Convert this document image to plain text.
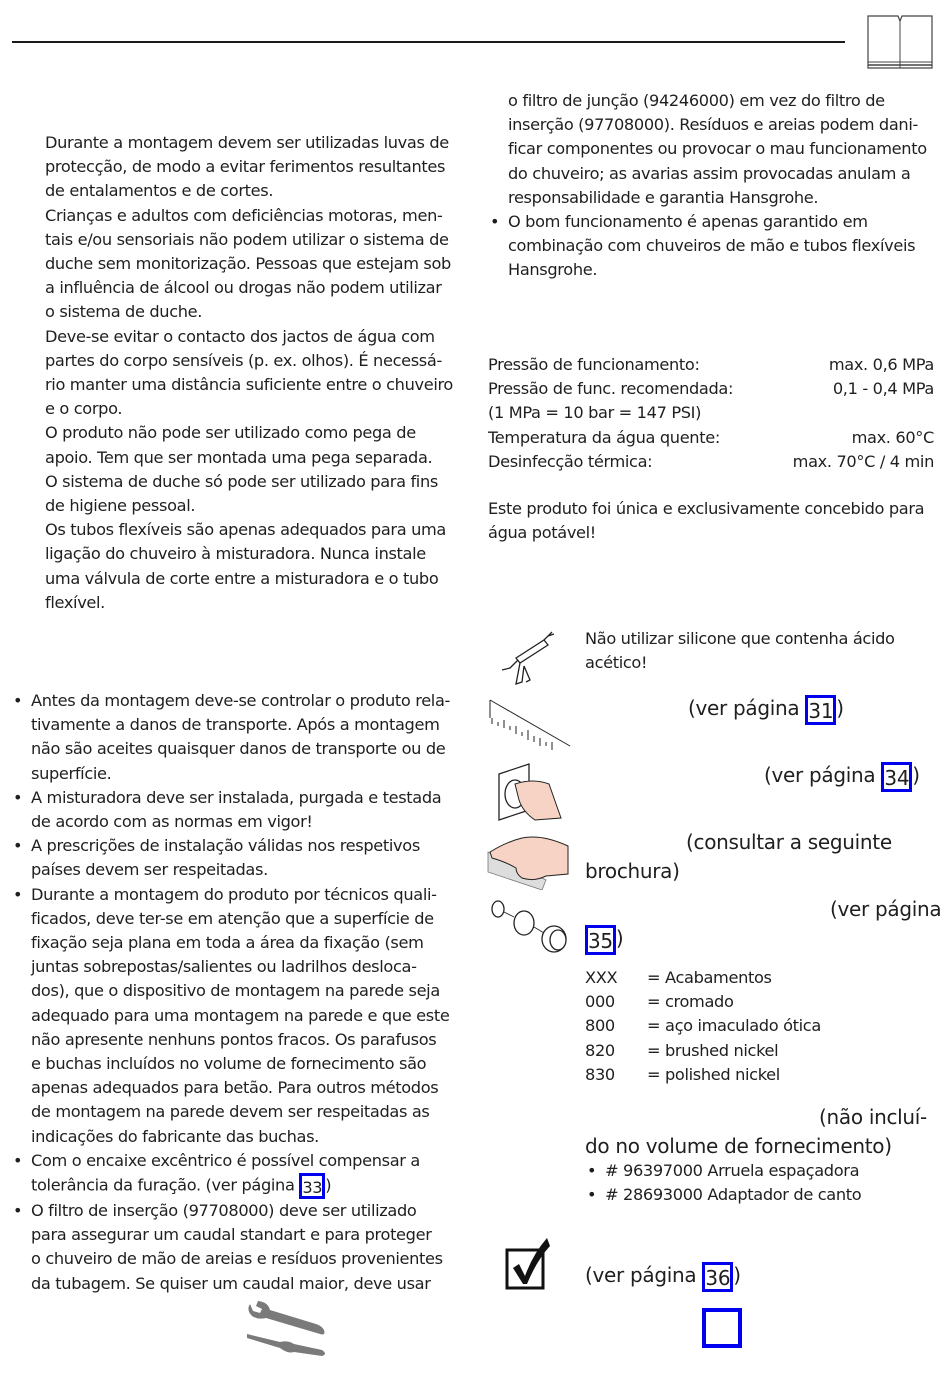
Durante a montagem devem ser utilizadas luvas de
protecção, de modo a evitar ferimentos resultantes
de entalamentos e de cortes.
Crianças e adultos com deficiências motoras, men-
tais e/ou sensoriais não podem utilizar o sistema de
duche sem monitorização. Pessoas que estejam sob
a influência de álcool ou drogas não podem utilizar
o sistema de duche.
Deve-se evitar o contacto dos jactos de água com
partes do corpo sensíveis (p. ex. olhos). É necessá-
rio manter uma distância suficiente entre o chuveiro
e o corpo.
O produto não pode ser utilizado como pega de
apoio. Tem que ser montada uma pega separada.
O sistema de duche só pode ser utilizado para fins
de higiene pessoal.
Os tubos flexíveis são apenas adequados para uma
ligação do chuveiro à misturadora. Nunca instale
uma válvula de corte entre a misturadora e o tubo
flexível.
• Antes da montagem deve-se controlar o produto rela-
tivamente a danos de transporte. Após a montagem
não são aceites quaisquer danos de transporte ou de
superfície.
• A misturadora deve ser instalada, purgada e testada
de acordo com as normas em vigor!
• A prescrições de instalação válidas nos respetivos
países devem ser respeitadas.
• Durante a montagem do produto por técnicos quali-
ficados, deve ter-se em atenção que a superfície de
fixação seja plana em toda a área da fixação (sem
juntas sobrepostas/salientes ou ladrilhos desloca-
dos), que o dispositivo de montagem na parede seja
adequado para uma montagem na parede e que este
não apresente nenhuns pontos fracos. Os parafusos
e buchas incluídos no volume de fornecimento são
apenas adequados para betão. Para outros métodos
de montagem na parede devem ser respeitadas as
indicações do fabricante das buchas.
• Com o encaixe excêntrico é possível compensar a
tolerância da furação. (ver página 33 )
• O filtro de inserção (97708000) deve ser utilizado
para assegurar um caudal standart e para proteger
o chuveiro de mão de areias e resíduos provenientes
da tubagem. Se quiser um caudal maior, deve usar
o filtro de junção (94246000) em vez do filtro de
inserção (97708000). Resíduos e areias podem dani-
ficar componentes ou provocar o mau funcionamento
do chuveiro; as avarias assim provocadas anulam a
responsabilidade e garantia Hansgrohe.
• O bom funcionamento é apenas garantido em
combinação com chuveiros de mão e tubos flexíveis
Hansgrohe.
Pressão de funcionamento:	max. 0,6 MPa
Pressão de func. recomendada:	0,1 - 0,4 MPa
(1 MPa = 10 bar = 147 PSI)
Temperatura da água quente:	max. 60°C
Desinfecção térmica:	max. 70°C / 4 min
Este produto foi única e exclusivamente concebido para
água potável!
Não utilizar silicone que contenha ácido
acético!
(ver página 31 )
(ver página 34 )
(consultar a seguinte
brochura)
(ver página
35 )
XXX	= Acabamentos
000	= cromado
800	= aço imaculado ótica
820	= brushed nickel
830	= polished nickel
(não incluí-
do no volume de fornecimento)
• # 96397000 Arruela espaçadora
• # 28693000 Adaptador de canto
(ver página 36 )
